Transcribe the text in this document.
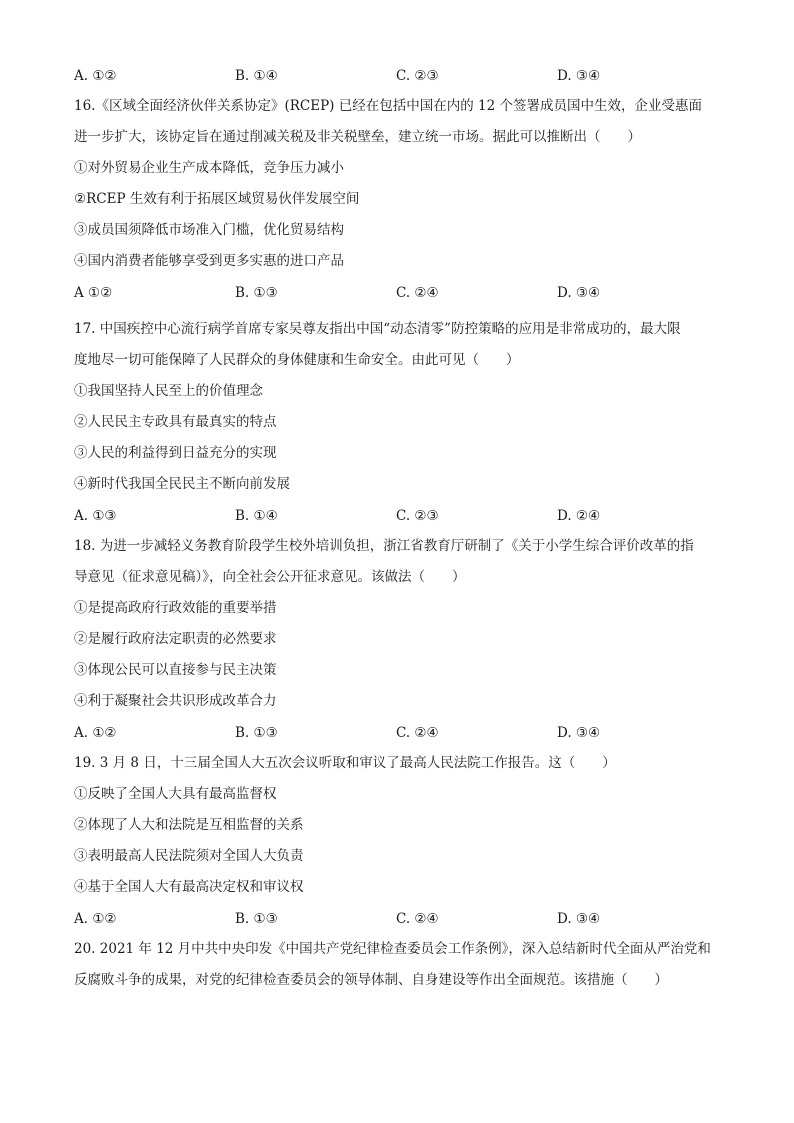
A. ①②	B. ①④	C. ②③	D. ③④
16.《区域全面经济伙伴关系协定》(RCEP) 已经在包括中国在内的 12 个签署成员国中生效，企业受惠面
进一步扩大，该协定旨在通过削减关税及非关税壁垒，建立统一市场。据此可以推断出（　　）
①对外贸易企业生产成本降低，竞争压力减小
②RCEP 生效有利于拓展区域贸易伙伴发展空间
③成员国须降低市场准入门槛，优化贸易结构
④国内消费者能够享受到更多实惠的进口产品
A ①②	B. ①③	C. ②④	D. ③④
17. 中国疾控中心流行病学首席专家吴尊友指出中国“动态清零”防控策略的应用是非常成功的，最大限
度地尽一切可能保障了人民群众的身体健康和生命安全。由此可见（　　）
①我国坚持人民至上的价值理念
②人民民主专政具有最真实的特点
③人民的利益得到日益充分的实现
④新时代我国全民民主不断向前发展
A. ①③	B. ①④	C. ②③	D. ②④
18. 为进一步减轻义务教育阶段学生校外培训负担，浙江省教育厅研制了《关于小学生综合评价改革的指
导意见（征求意见稿）》，向全社会公开征求意见。该做法（　　）
①是提高政府行政效能的重要举措
②是履行政府法定职责的必然要求
③体现公民可以直接参与民主决策
④利于凝聚社会共识形成改革合力
A. ①②	B. ①③	C. ②④	D. ③④
19. 3 月 8 日，十三届全国人大五次会议听取和审议了最高人民法院工作报告。这（　　）
①反映了全国人大具有最高监督权
②体现了人大和法院是互相监督的关系
③表明最高人民法院须对全国人大负责
④基于全国人大有最高决定权和审议权
A. ①②	B. ①③	C. ②④	D. ③④
20. 2021 年 12 月中共中央印发《中国共产党纪律检查委员会工作条例》，深入总结新时代全面从严治党和
反腐败斗争的成果，对党的纪律检查委员会的领导体制、自身建设等作出全面规范。该措施（　　）
